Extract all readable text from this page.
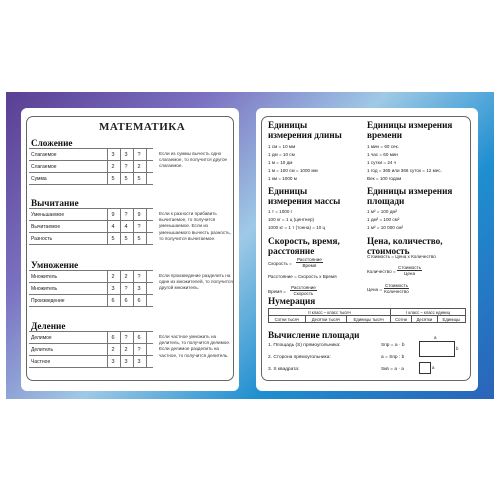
МАТЕМАТИКА
Сложение
Слагаемое	3	3	?
Слагаемое	2	?	2
Сумма	5	5	5
Если из суммы вычесть одно слагаемое, то получится другое слагаемое.
Вычитание
Уменьшаемое	9	?	9
Вычитаемое	4	4	?
Разность	5	5	5
Если к разности прибавить вычитаемое, то получится уменьшаемое. Если из уменьшаемого вычесть разность, то получится вычитаемое.
Умножение
Множитель	2	2	?
Множитель	3	?	3
Произведение	6	6	6
Если произведение разделить на один из множителей, то получится другой множитель.
Деление
Делимое	6	?	6
Делитель	2	2	?
Частное	3	3	3
Если частное умножить на делитель, то получится делимое. Если делимое разделить на частное, то получится делитель.
Единицы измерения длины
1 см = 10 мм
1 дм = 10 см
1 м = 10 дм
1 м = 100 см = 1000 мм
1 км = 1000 м
Единицы измерения времени
1 мин = 60 сек.
1 час = 60 мин
1 сутки = 24 ч
1 год = 365 или 366 суток = 12 мес.
Век = 100 годам
Единицы измерения массы
1 т = 1000 г
100 кг = 1 ц (центнер)
1000 кг = 1 т (тонна) = 10 ц
Единицы измерения площади
1 м² = 100 дм²
1 дм² = 100 см²
1 м² = 10 000 см²
Скорость, время, расстояние
Скорость =
Расстояние
Время
Расстояние = Скорость x Время
Время =
Расстояние
Скорость
Цена, количество, стоимость
Стоимость = Цена x Количество
Количество =
Стоимость
Цена
Цена =
Стоимость
Количество
Нумерация
II класс – класс тысяч			I класс – класс единиц		
Сотни тысяч	Десятки тысяч	Единицы тысяч	Сотни	Десятки	Единицы
Вычисление площади
1. Площадь (S) прямоугольника:
2. Сторона прямоугольника:
3. S квадрата:
Sпр = a · b
a = Sпр : b
Sкв = a · a
a
b
a
